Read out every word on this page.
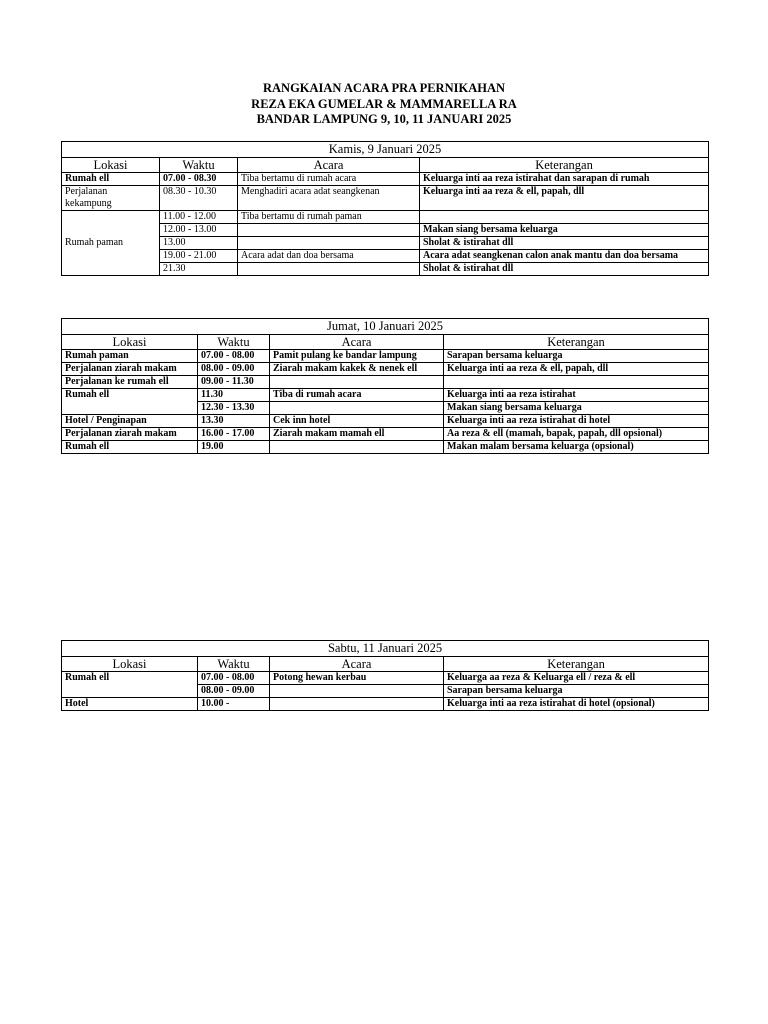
RANGKAIAN ACARA PRA PERNIKAHAN
REZA EKA GUMELAR & MAMMARELLA RA
BANDAR LAMPUNG 9, 10, 11 JANUARI 2025
Kamis, 9 Januari 2025			
Lokasi	Waktu	Acara	Keterangan
Rumah ell	07.00 - 08.30	Tiba bertamu di rumah acara	Keluarga inti aa reza istirahat dan sarapan di rumah
Perjalanan kekampung	08.30 - 10.30	Menghadiri acara adat seangkenan	Keluarga inti aa reza & ell, papah, dll
Rumah paman	11.00 - 12.00	Tiba bertamu di rumah paman	
	12.00 - 13.00		Makan siang bersama keluarga
	13.00		Sholat & istirahat dll
	19.00 - 21.00	Acara adat dan doa bersama	Acara adat seangkenan calon anak mantu dan doa bersama
	21.30		Sholat & istirahat dll
Jumat, 10 Januari 2025			
Lokasi	Waktu	Acara	Keterangan
Rumah paman	07.00 - 08.00	Pamit pulang ke bandar lampung	Sarapan bersama keluarga
Perjalanan ziarah makam	08.00 - 09.00	Ziarah makam kakek & nenek ell	Keluarga inti aa reza & ell, papah, dll
Perjalanan ke rumah ell	09.00 - 11.30		
Rumah ell	11.30	Tiba di rumah acara	Keluarga inti aa reza istirahat
	12.30 - 13.30		Makan siang bersama keluarga
Hotel / Penginapan	13.30	Cek inn hotel	Keluarga inti aa reza istirahat di hotel
Perjalanan ziarah makam	16.00 - 17.00	Ziarah makam mamah ell	Aa reza & ell (mamah, bapak, papah, dll opsional)
Rumah ell	19.00		Makan malam bersama keluarga (opsional)
Sabtu, 11 Januari 2025			
Lokasi	Waktu	Acara	Keterangan
Rumah ell	07.00 - 08.00	Potong hewan kerbau	Keluarga aa reza & Keluarga ell / reza & ell
	08.00 - 09.00		Sarapan bersama keluarga
Hotel	10.00 -		Keluarga inti aa reza istirahat di hotel (opsional)
